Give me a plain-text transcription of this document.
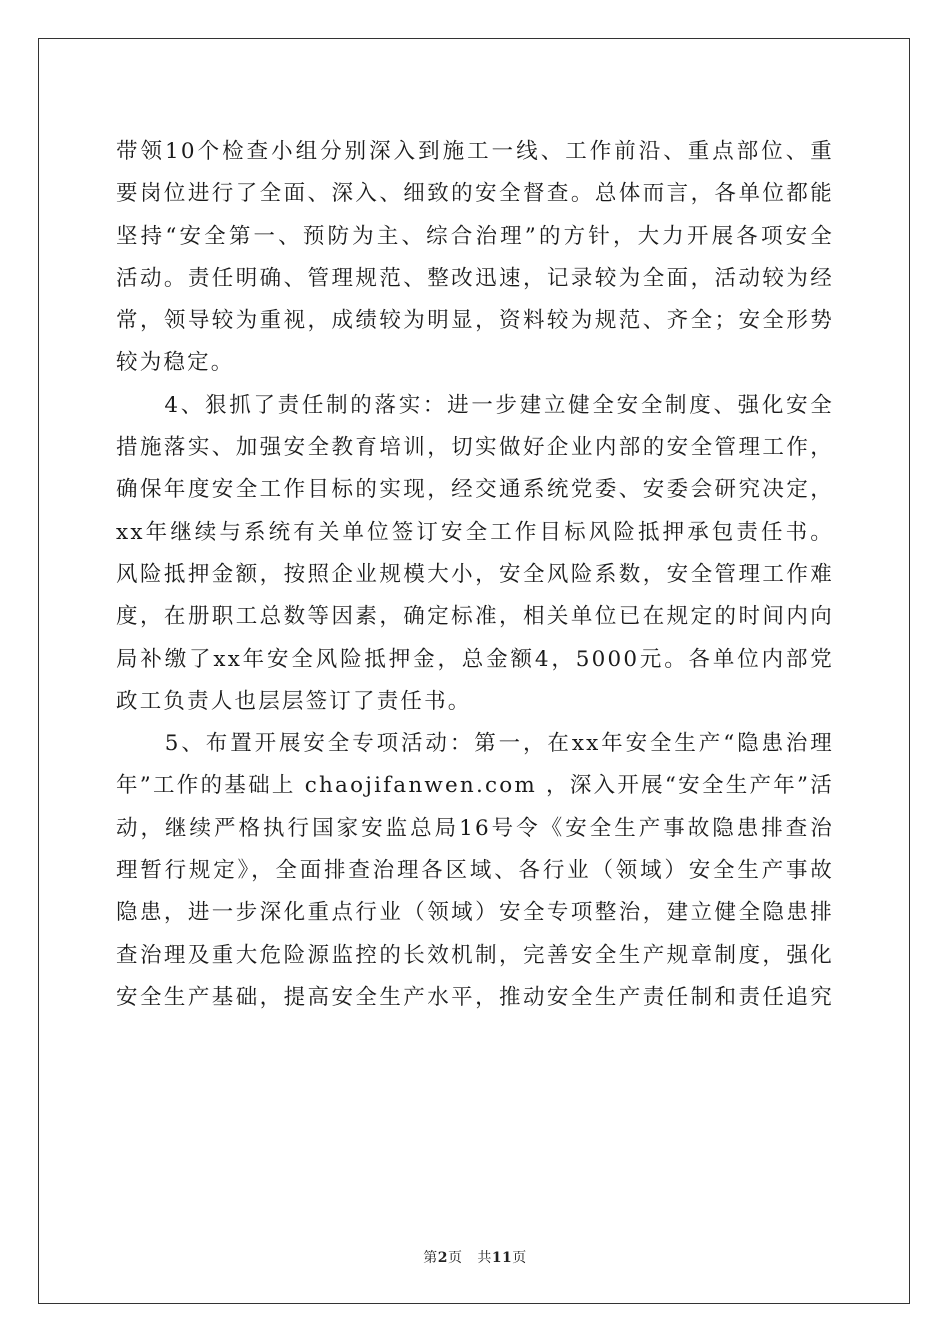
带领10个检查小组分别深入到施工一线、工作前沿、重点部位、重
要岗位进行了全面、深入、细致的安全督查。总体而言，各单位都能
坚持“安全第一、预防为主、综合治理”的方针，大力开展各项安全
活动。责任明确、管理规范、整改迅速，记录较为全面，活动较为经
常，领导较为重视，成绩较为明显，资料较为规范、齐全；安全形势
较为稳定。
　　4、狠抓了责任制的落实：进一步建立健全安全制度、强化安全
措施落实、加强安全教育培训，切实做好企业内部的安全管理工作，
确保年度安全工作目标的实现，经交通系统党委、安委会研究决定，
xx年继续与系统有关单位签订安全工作目标风险抵押承包责任书。
风险抵押金额，按照企业规模大小，安全风险系数，安全管理工作难
度，在册职工总数等因素，确定标准，相关单位已在规定的时间内向
局补缴了xx年安全风险抵押金，总金额4，5000元。各单位内部党
政工负责人也层层签订了责任书。
　　5、布置开展安全专项活动：第一，在xx年安全生产“隐患治理
年”工作的基础上 chaojifanwen.com ，深入开展“安全生产年”活
动，继续严格执行国家安监总局16号令《安全生产事故隐患排查治
理暂行规定》，全面排查治理各区域、各行业（领域）安全生产事故
隐患，进一步深化重点行业（领域）安全专项整治，建立健全隐患排
查治理及重大危险源监控的长效机制，完善安全生产规章制度，强化
安全生产基础，提高安全生产水平，推动安全生产责任制和责任追究
第2页 共11页
